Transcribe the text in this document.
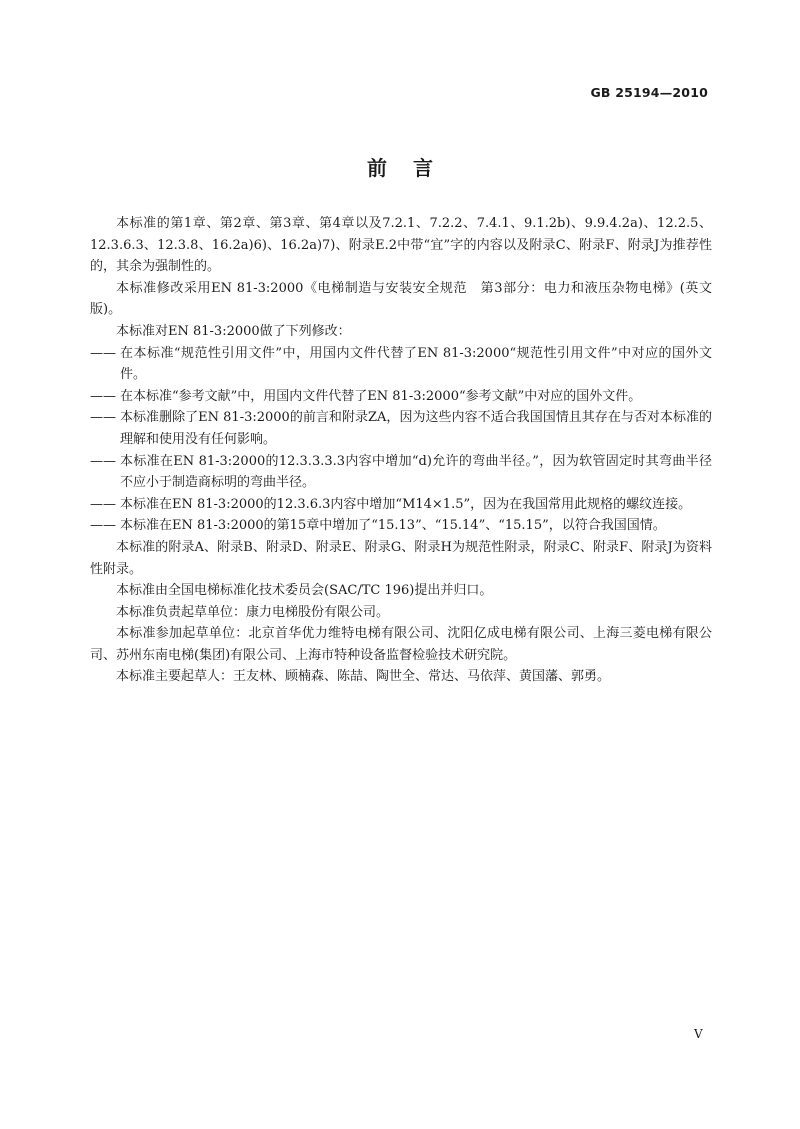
GB 25194—2010
前言

本标准的第1章、第2章、第3章、第4章以及7.2.1、7.2.2、7.4.1、9.1.2b)、9.9.4.2a)、12.2.5、12.3.6.3、12.3.8、16.2a)6)、16.2a)7)、附录E.2中带“宜”字的内容以及附录C、附录F、附录J为推荐性的，其余为强制性的。

本标准修改采用EN 81-3:2000《电梯制造与安装安全规范　第3部分：电力和液压杂物电梯》(英文版)。

本标准对EN 81-3:2000做了下列修改：

—— 在本标准“规范性引用文件”中，用国内文件代替了EN 81-3:2000“规范性引用文件”中对应的国外文件。
—— 在本标准“参考文献”中，用国内文件代替了EN 81-3:2000“参考文献”中对应的国外文件。
—— 本标准删除了EN 81-3:2000的前言和附录ZA，因为这些内容不适合我国国情且其存在与否对本标准的理解和使用没有任何影响。
—— 本标准在EN 81-3:2000的12.3.3.3.3内容中增加“d)允许的弯曲半径。”，因为软管固定时其弯曲半径不应小于制造商标明的弯曲半径。
—— 本标准在EN 81-3:2000的12.3.6.3内容中增加“M14×1.5”，因为在我国常用此规格的螺纹连接。
—— 本标准在EN 81-3:2000的第15章中增加了“15.13”、“15.14”、“15.15”，以符合我国国情。

本标准的附录A、附录B、附录D、附录E、附录G、附录H为规范性附录，附录C、附录F、附录J为资料性附录。

本标准由全国电梯标准化技术委员会(SAC/TC 196)提出并归口。

本标准负责起草单位：康力电梯股份有限公司。

本标准参加起草单位：北京首华优力维特电梯有限公司、沈阳亿成电梯有限公司、上海三菱电梯有限公司、苏州东南电梯(集团)有限公司、上海市特种设备监督检验技术研究院。

本标准主要起草人：王友林、顾楠森、陈喆、陶世全、常达、马依萍、黄国藩、郭勇。

V
